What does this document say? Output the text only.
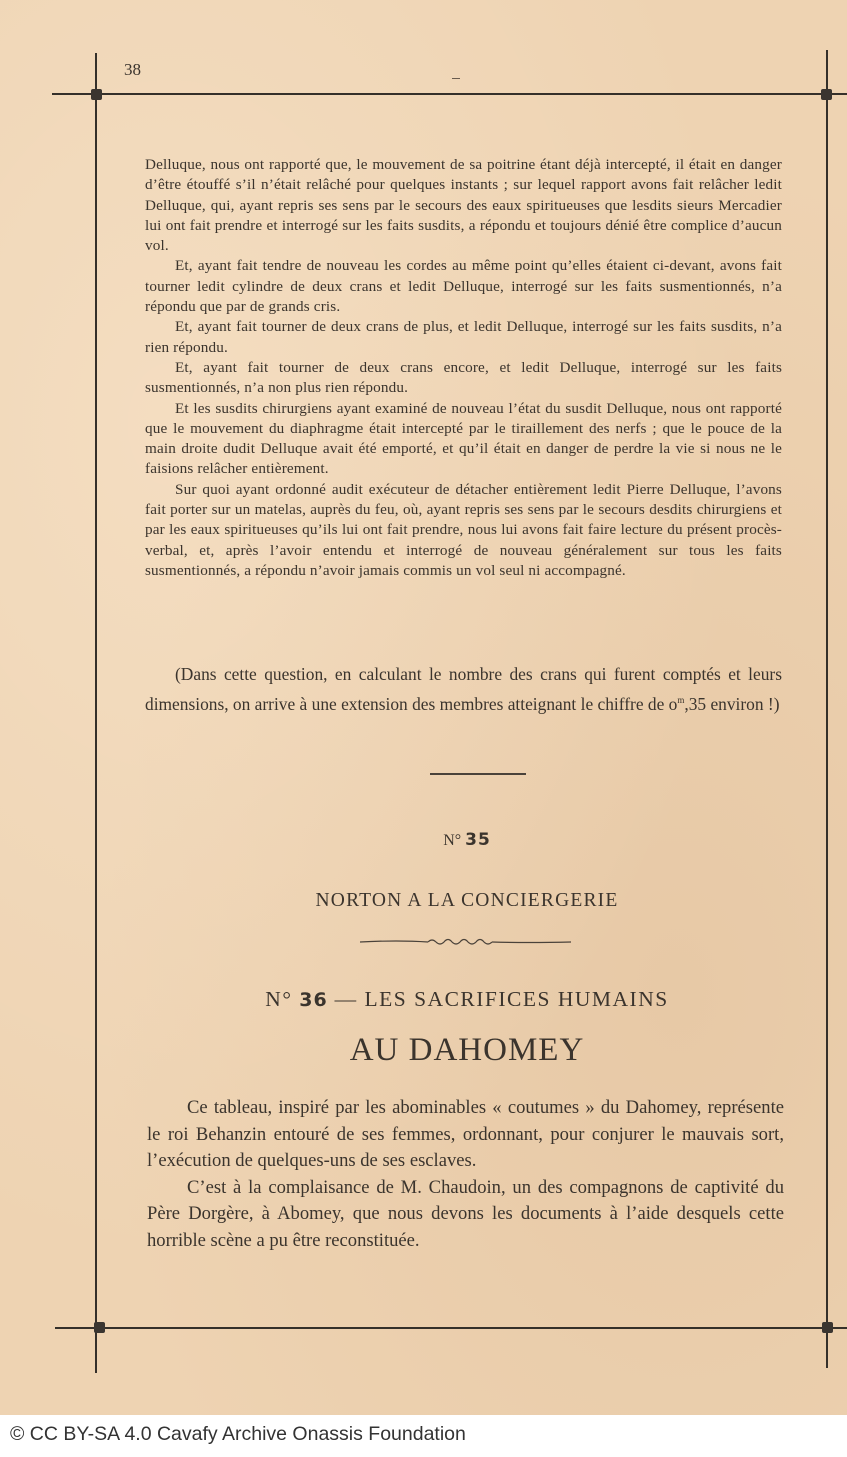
38

Delluque, nous ont rapporté que, le mouvement de sa poitrine étant déjà intercepté, il était en danger d’être étouffé s’il n’était relâché pour quelques instants ; sur lequel rapport avons fait relâcher ledit Delluque, qui, ayant repris ses sens par le secours des eaux spiritueuses que lesdits sieurs Mercadier lui ont fait prendre et interrogé sur les faits susdits, a répondu et toujours dénié être complice d’aucun vol.

Et, ayant fait tendre de nouveau les cordes au même point qu’elles étaient ci-devant, avons fait tourner ledit cylindre de deux crans et ledit Delluque, interrogé sur les faits susmentionnés, n’a répondu que par de grands cris.

Et, ayant fait tourner de deux crans de plus, et ledit Delluque, interrogé sur les faits susdits, n’a rien répondu.

Et, ayant fait tourner de deux crans encore, et ledit Delluque, interrogé sur les faits susmentionnés, n’a non plus rien répondu.

Et les susdits chirurgiens ayant examiné de nouveau l’état du susdit Delluque, nous ont rapporté que le mouvement du diaphragme était intercepté par le tiraillement des nerfs ; que le pouce de la main droite dudit Delluque avait été emporté, et qu’il était en danger de perdre la vie si nous ne le faisions relâcher entièrement.

Sur quoi ayant ordonné audit exécuteur de détacher entièrement ledit Pierre Delluque, l’avons fait porter sur un matelas, auprès du feu, où, ayant repris ses sens par le secours desdits chirurgiens et par les eaux spiritueuses qu’ils lui ont fait prendre, nous lui avons fait faire lecture du présent procès-verbal, et, après l’avoir entendu et interrogé de nouveau généralement sur tous les faits susmentionnés, a répondu n’avoir jamais commis un vol seul ni accompagné.

(Dans cette question, en calculant le nombre des crans qui furent comptés et leurs dimensions, on arrive à une extension des membres atteignant le chiffre de $o^m,35$ environ !)
N° 35
NORTON A LA CONCIERGERIE
N° 36 — LES SACRIFICES HUMAINS
AU DAHOMEY

Ce tableau, inspiré par les abominables « coutumes » du Dahomey, représente le roi Behanzin entouré de ses femmes, ordonnant, pour conjurer le mauvais sort, l’exécution de quelques-uns de ses esclaves.

C’est à la complaisance de M. Chaudoin, un des compagnons de captivité du Père Dorgère, à Abomey, que nous devons les documents à l’aide desquels cette horrible scène a pu être reconstituée.

© CC BY-SA 4.0 Cavafy Archive Onassis Foundation
